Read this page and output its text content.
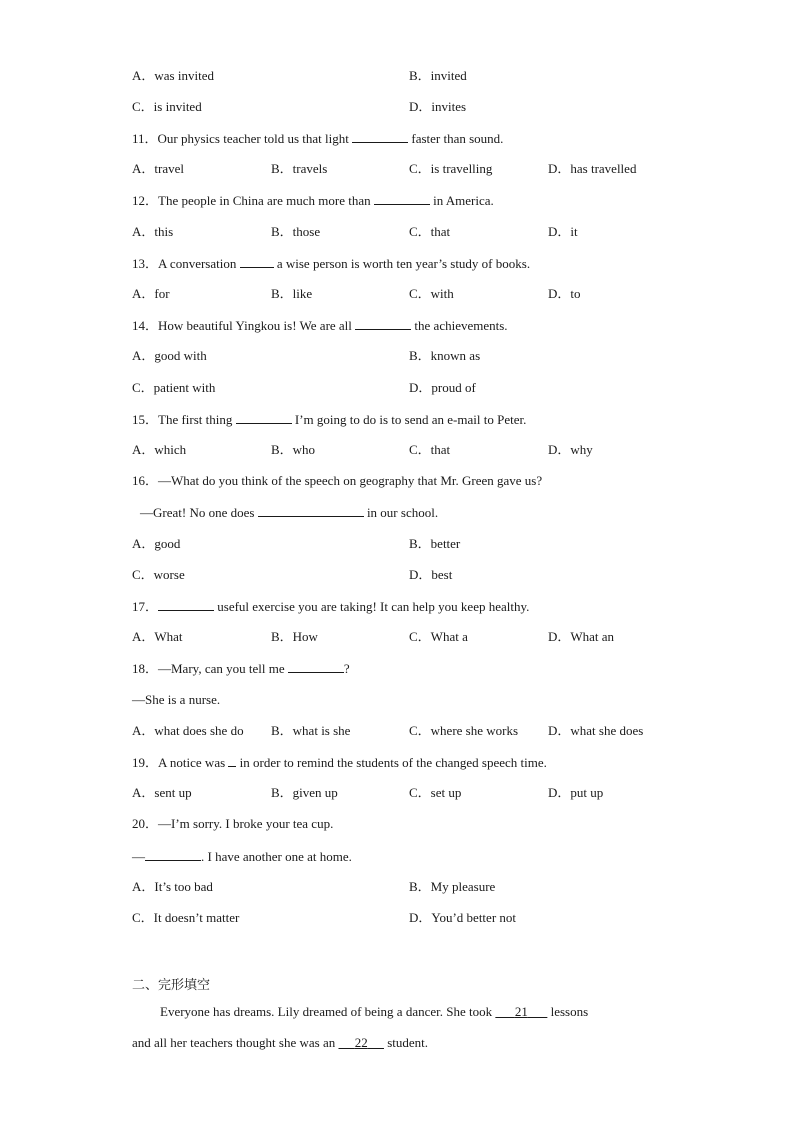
A．was invited	B．invited
C．is invited	D．invites
11．Our physics teacher told us that light	faster than sound.
A．travel	B．travels	C．is travelling	D．has travelled
12．The people in China are much more than	in America.
A．this	B．those	C．that	D．it
13．A conversation	a wise person is worth ten year’s study of books.
A．for	B．like	C．with	D．to
14．How beautiful Yingkou is! We are all	the achievements.
A．good with	B．known as
C．patient with	D．proud of
15．The first thing	I’m going to do is to send an e-mail to Peter.
A．which	B．who	C．that	D．why
16．—What do you think of the speech on geography that Mr. Green gave us?
—Great! No one does	in our school.
A．good	B．better
C．worse	D．best
17．	useful exercise you are taking! It can help you keep healthy.
A．What	B．How	C．What a	D．What an
18．—Mary, can you tell me	?
—She is a nurse.
A．what does she do B．what is she	C．where she works D．what she does
19．A notice was  in order to remind the students of the changed speech time.
A．sent up	B．given up	C．set up	D．put up
20．—I’m sorry. I broke your tea cup.
—	. I have another one at home.
A．It’s too bad	B．My pleasure
C．It doesn’t matter	D．You’d better not
二、完形填空
Everyone has dreams. Lily dreamed of being a dancer. She took       21       lessons
and all her teachers thought she was an      22      student.
